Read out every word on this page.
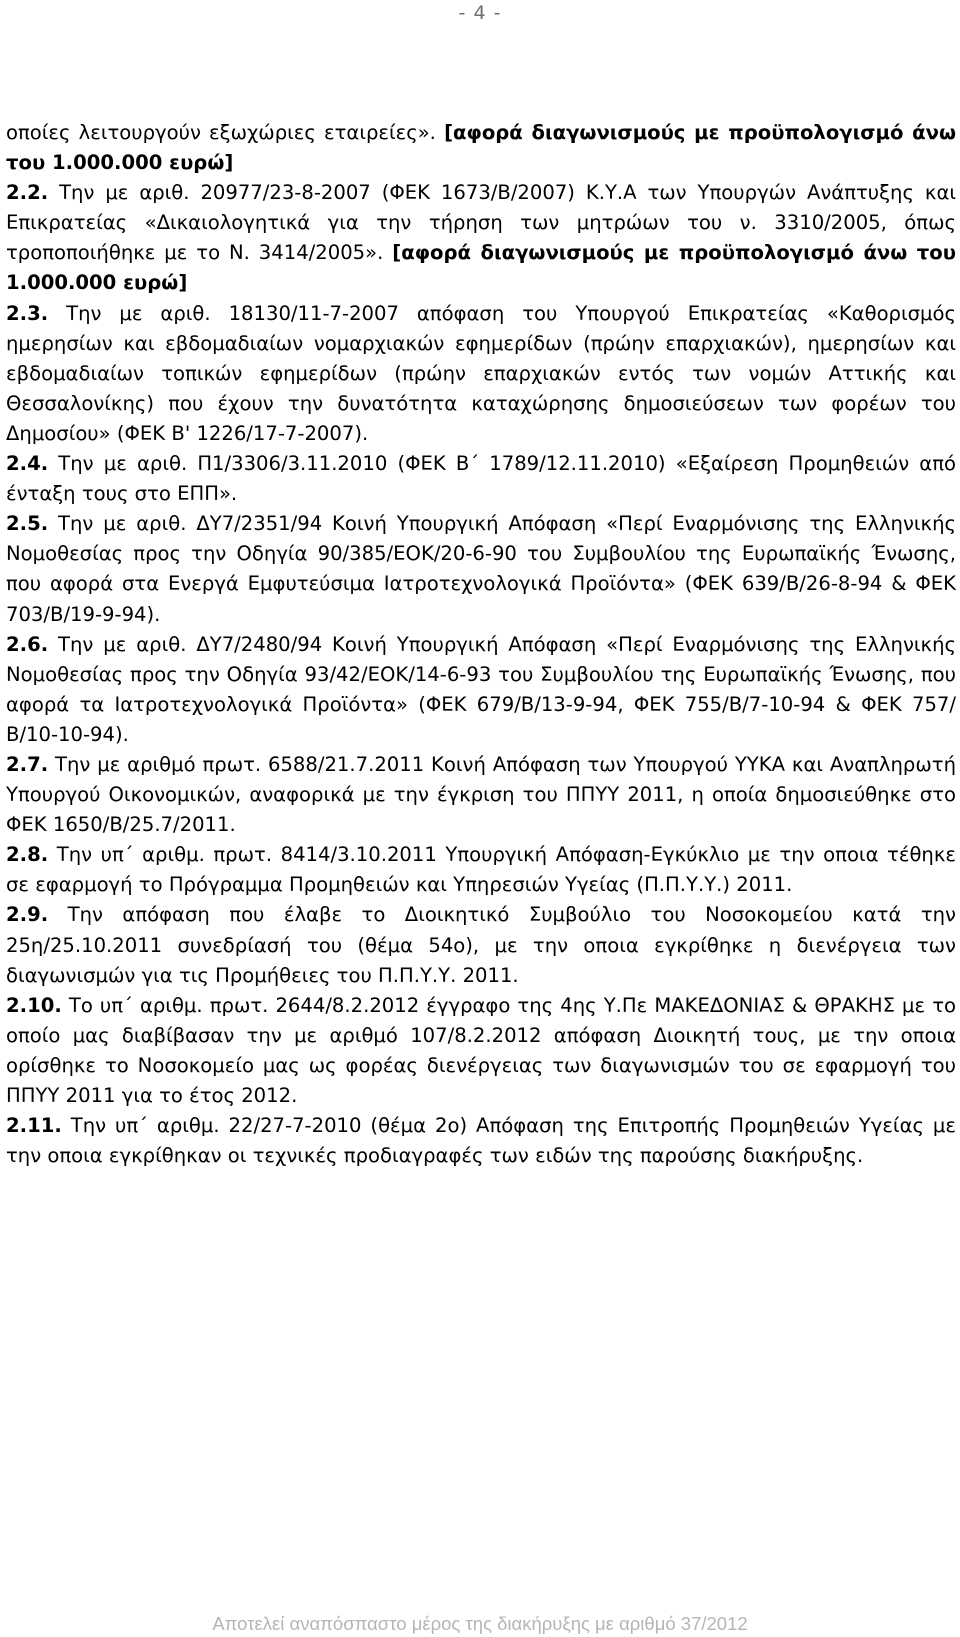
- 4 -

οποίες λειτουργούν εξωχώριες εταιρείες». [αφορά διαγωνισμούς με προϋπολογισμό άνω του 1.000.000 ευρώ]

2.2. Την με αριθ. 20977/23-8-2007 (ΦΕΚ 1673/Β/2007) Κ.Υ.Α των Υπουργών Ανάπτυξης και Επικρατείας «Δικαιολογητικά για την τήρηση των μητρώων του ν. 3310/2005, όπως τροποποιήθηκε με το Ν. 3414/2005». [αφορά διαγωνισμούς με προϋπολογισμό άνω του 1.000.000 ευρώ]

2.3. Την με αριθ. 18130/11-7-2007 απόφαση του Υπουργού Επικρατείας «Καθορισμός ημερησίων και εβδομαδιαίων νομαρχιακών εφημερίδων (πρώην επαρχιακών), ημερησίων και εβδομαδιαίων τοπικών εφημερίδων (πρώην επαρχιακών εντός των νομών Αττικής και Θεσσαλονίκης) που έχουν την δυνατότητα καταχώρησης δημοσιεύσεων των φορέων του Δημοσίου» (ΦΕΚ Β' 1226/17-7-2007).

2.4. Την με αριθ. Π1/3306/3.11.2010 (ΦΕΚ Β΄ 1789/12.11.2010) «Εξαίρεση Προμηθειών από ένταξη τους στο ΕΠΠ».

2.5. Την με αριθ. ΔΥ7/2351/94 Κοινή Υπουργική Απόφαση «Περί Εναρμόνισης της Ελληνικής Νομοθεσίας προς την Οδηγία 90/385/ΕΟΚ/20-6-90 του Συμβουλίου της Ευρωπαϊκής Ένωσης, που αφορά στα Ενεργά Εμφυτεύσιμα Ιατροτεχνολογικά Προϊόντα» (ΦΕΚ 639/Β/26-8-94 & ΦΕΚ 703/Β/19-9-94).

2.6. Την με αριθ. ΔΥ7/2480/94 Κοινή Υπουργική Απόφαση «Περί Εναρμόνισης της Ελληνικής Νομοθεσίας προς την Οδηγία 93/42/ΕΟΚ/14-6-93 του Συμβουλίου της Ευρωπαϊκής Ένωσης, που αφορά τα Ιατροτεχνολογικά Προϊόντα» (ΦΕΚ 679/Β/13-9-94, ΦΕΚ 755/Β/7-10-94 & ΦΕΚ 757/Β/10-10-94).

2.7. Την με αριθμό πρωτ. 6588/21.7.2011 Κοινή Απόφαση των Υπουργού ΥΥΚΑ και Αναπληρωτή Υπουργού Οικονομικών, αναφορικά με την έγκριση του ΠΠΥΥ 2011, η οποία δημοσιεύθηκε στο ΦΕΚ 1650/Β/25.7/2011.

2.8. Την υπ΄ αριθμ. πρωτ. 8414/3.10.2011 Υπουργική Απόφαση-Εγκύκλιο με την οποια τέθηκε σε εφαρμογή το Πρόγραμμα Προμηθειών και Υπηρεσιών Υγείας (Π.Π.Υ.Υ.) 2011.

2.9. Την απόφαση που έλαβε το Διοικητικό Συμβούλιο του Νοσοκομείου κατά την 25η/25.10.2011 συνεδρίασή του (θέμα 54ο), με την οποια εγκρίθηκε η διενέργεια των διαγωνισμών για τις Προμήθειες του Π.Π.Υ.Υ. 2011.

2.10. Το υπ΄ αριθμ. πρωτ. 2644/8.2.2012 έγγραφο της 4ης Υ.Πε ΜΑΚΕΔΟΝΙΑΣ & ΘΡΑΚΗΣ με το οποίο μας διαβίβασαν την με αριθμό 107/8.2.2012 απόφαση Διοικητή τους, με την οποια ορίσθηκε το Νοσοκομείο μας ως φορέας διενέργειας των διαγωνισμών του σε εφαρμογή του ΠΠΥΥ 2011 για το έτος 2012.

2.11. Την υπ΄ αριθμ. 22/27-7-2010 (θέμα 2ο) Απόφαση της Επιτροπής Προμηθειών Υγείας με την οποια εγκρίθηκαν οι τεχνικές προδιαγραφές των ειδών της παρούσης διακήρυξης.

Αποτελεί αναπόσπαστο μέρος της διακήρυξης με αριθμό 37/2012
